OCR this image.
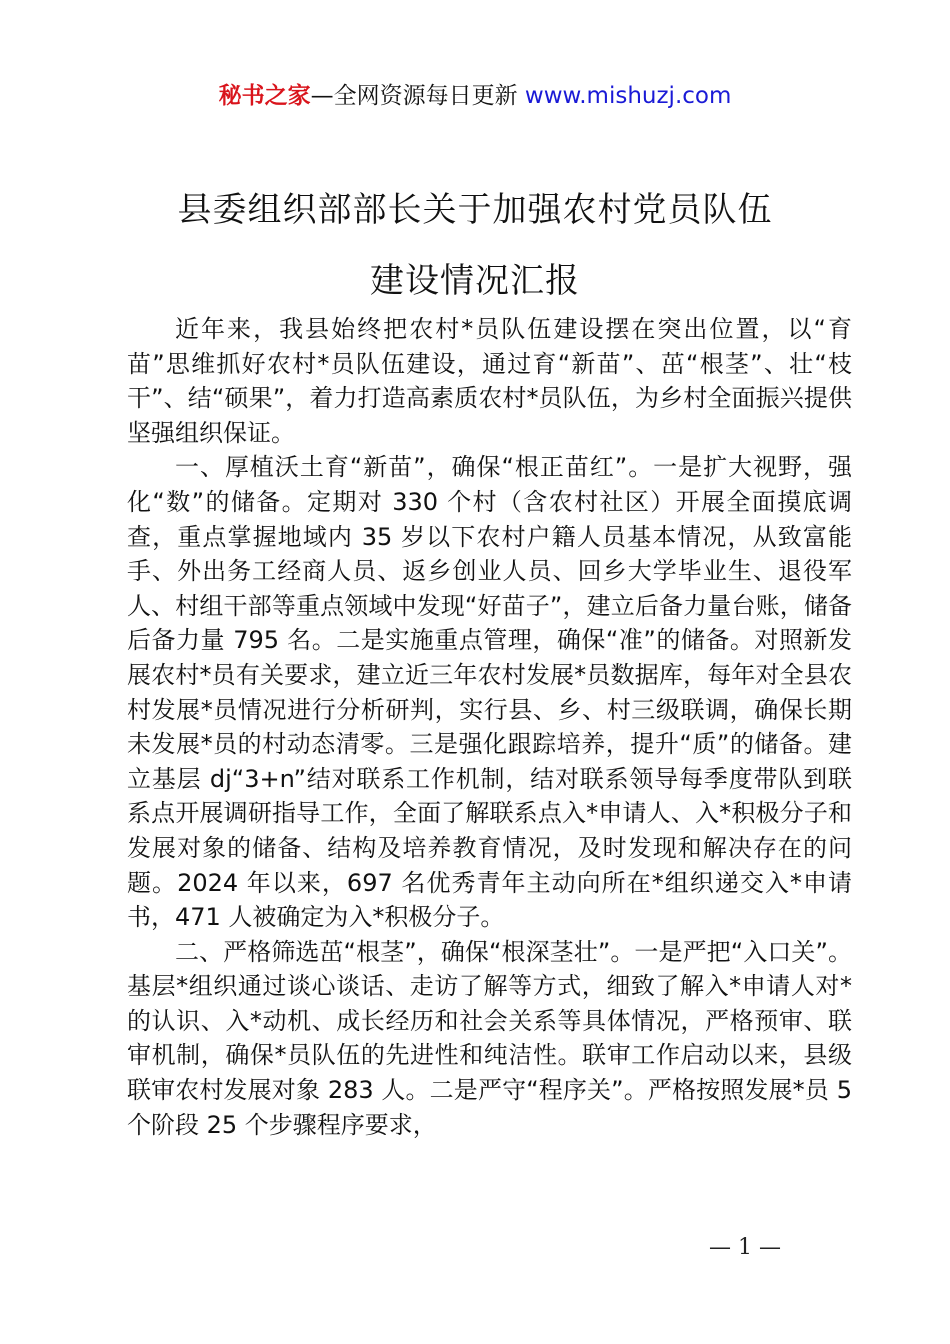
秘书之家—全网资源每日更新 www.mishuzj.com
县委组织部部长关于加强农村党员队伍
建设情况汇报

近年来，我县始终把农村*员队伍建设摆在突出位置，以“育苗”思维抓好农村*员队伍建设，通过育“新苗”、茁“根茎”、壮“枝干”、结“硕果”，着力打造高素质农村*员队伍，为乡村全面振兴提供坚强组织保证。

一、厚植沃土育“新苗”，确保“根正苗红”。一是扩大视野，强化“数”的储备。定期对 330 个村（含农村社区）开展全面摸底调查，重点掌握地域内 35 岁以下农村户籍人员基本情况，从致富能手、外出务工经商人员、返乡创业人员、回乡大学毕业生、退役军人、村组干部等重点领域中发现“好苗子”，建立后备力量台账，储备后备力量 795 名。二是实施重点管理，确保“准”的储备。对照新发展农村*员有关要求，建立近三年农村发展*员数据库，每年对全县农村发展*员情况进行分析研判，实行县、乡、村三级联调，确保长期未发展*员的村动态清零。三是强化跟踪培养，提升“质”的储备。建立基层 dj“3+n”结对联系工作机制，结对联系领导每季度带队到联系点开展调研指导工作，全面了解联系点入*申请人、入*积极分子和发展对象的储备、结构及培养教育情况，及时发现和解决存在的问题。2024 年以来，697 名优秀青年主动向所在*组织递交入*申请书，471 人被确定为入*积极分子。

二、严格筛选茁“根茎”，确保“根深茎壮”。一是严把“入口关”。基层*组织通过谈心谈话、走访了解等方式，细致了解入*申请人对*的认识、入*动机、成长经历和社会关系等具体情况，严格预审、联审机制，确保*员队伍的先进性和纯洁性。联审工作启动以来，县级联审农村发展对象 283 人。二是严守“程序关”。严格按照发展*员 5 个阶段 25 个步骤程序要求，

— 1 —
